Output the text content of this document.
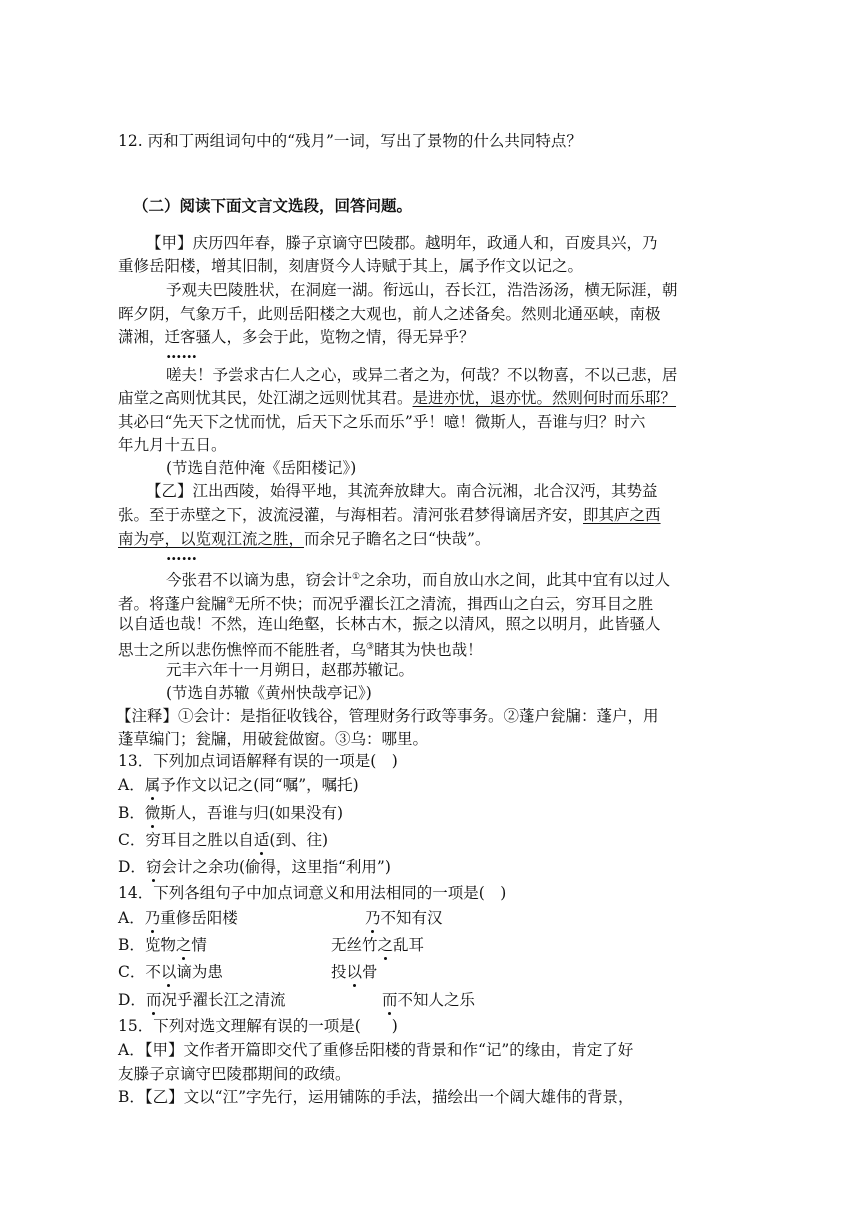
12. 丙和丁两组词句中的“残月”一词，写出了景物的什么共同特点？

（二）阅读下面文言文选段，回答问题。

【甲】庆历四年春，滕子京谪守巴陵郡。越明年，政通人和，百废具兴，乃

重修岳阳楼，增其旧制，刻唐贤今人诗赋于其上，属予作文以记之。

予观夫巴陵胜状，在洞庭一湖。衔远山，吞长江，浩浩汤汤，横无际涯，朝

晖夕阴，气象万千，此则岳阳楼之大观也，前人之述备矣。然则北通巫峡，南极

潇湘，迁客骚人，多会于此，览物之情，得无异乎？

……

嗟夫！予尝求古仁人之心，或异二者之为，何哉？不以物喜，不以己悲，居

庙堂之高则忧其民，处江湖之远则忧其君。是进亦忧，退亦忧。然则何时而乐耶？

其必曰“先天下之忧而忧，后天下之乐而乐”乎！噫！微斯人，吾谁与归？时六

年九月十五日。

(节选自范仲淹《岳阳楼记》)

【乙】江出西陵，始得平地，其流奔放肆大。南合沅湘，北合汉沔，其势益

张。至于赤壁之下，波流浸灌，与海相若。清河张君梦得谪居齐安，即其庐之西

南为亭，以览观江流之胜，而余兄子瞻名之曰“快哉”。

……

今张君不以谪为患，窃会计①之余功，而自放山水之间，此其中宜有以过人

者。将蓬户瓮牖②无所不快；而况乎濯长江之清流，揖西山之白云，穷耳目之胜

以自适也哉！不然，连山绝壑，长林古木，振之以清风，照之以明月，此皆骚人

思士之所以悲伤憔悴而不能胜者，乌③睹其为快也哉！

元丰六年十一月朔日，赵郡苏辙记。

(节选自苏辙《黄州快哉亭记》)

【注释】①会计：是指征收钱谷，管理财务行政等事务。②蓬户瓮牖：蓬户，用

蓬草编门；瓮牖，用破瓮做窗。③乌：哪里。

13．下列加点词语解释有误的一项是(　)

A．属予作文以记之(同“嘱”，嘱托)

B．微斯人，吾谁与归(如果没有)

C．穷耳目之胜以自适(到、往)

D．窃会计之余功(偷得，这里指“利用”)

14．下列各组句子中加点词意义和用法相同的一项是(　)

A．乃重修岳阳楼	乃不知有汉

B．览物之情	无丝竹之乱耳

C．不以谪为患	投以骨

D．而况乎濯长江之清流	而不知人之乐

15．下列对选文理解有误的一项是(　　)

A．【甲】文作者开篇即交代了重修岳阳楼的背景和作“记”的缘由，肯定了好

友滕子京谪守巴陵郡期间的政绩。

B．【乙】文以“江”字先行，运用铺陈的手法，描绘出一个阔大雄伟的背景，
